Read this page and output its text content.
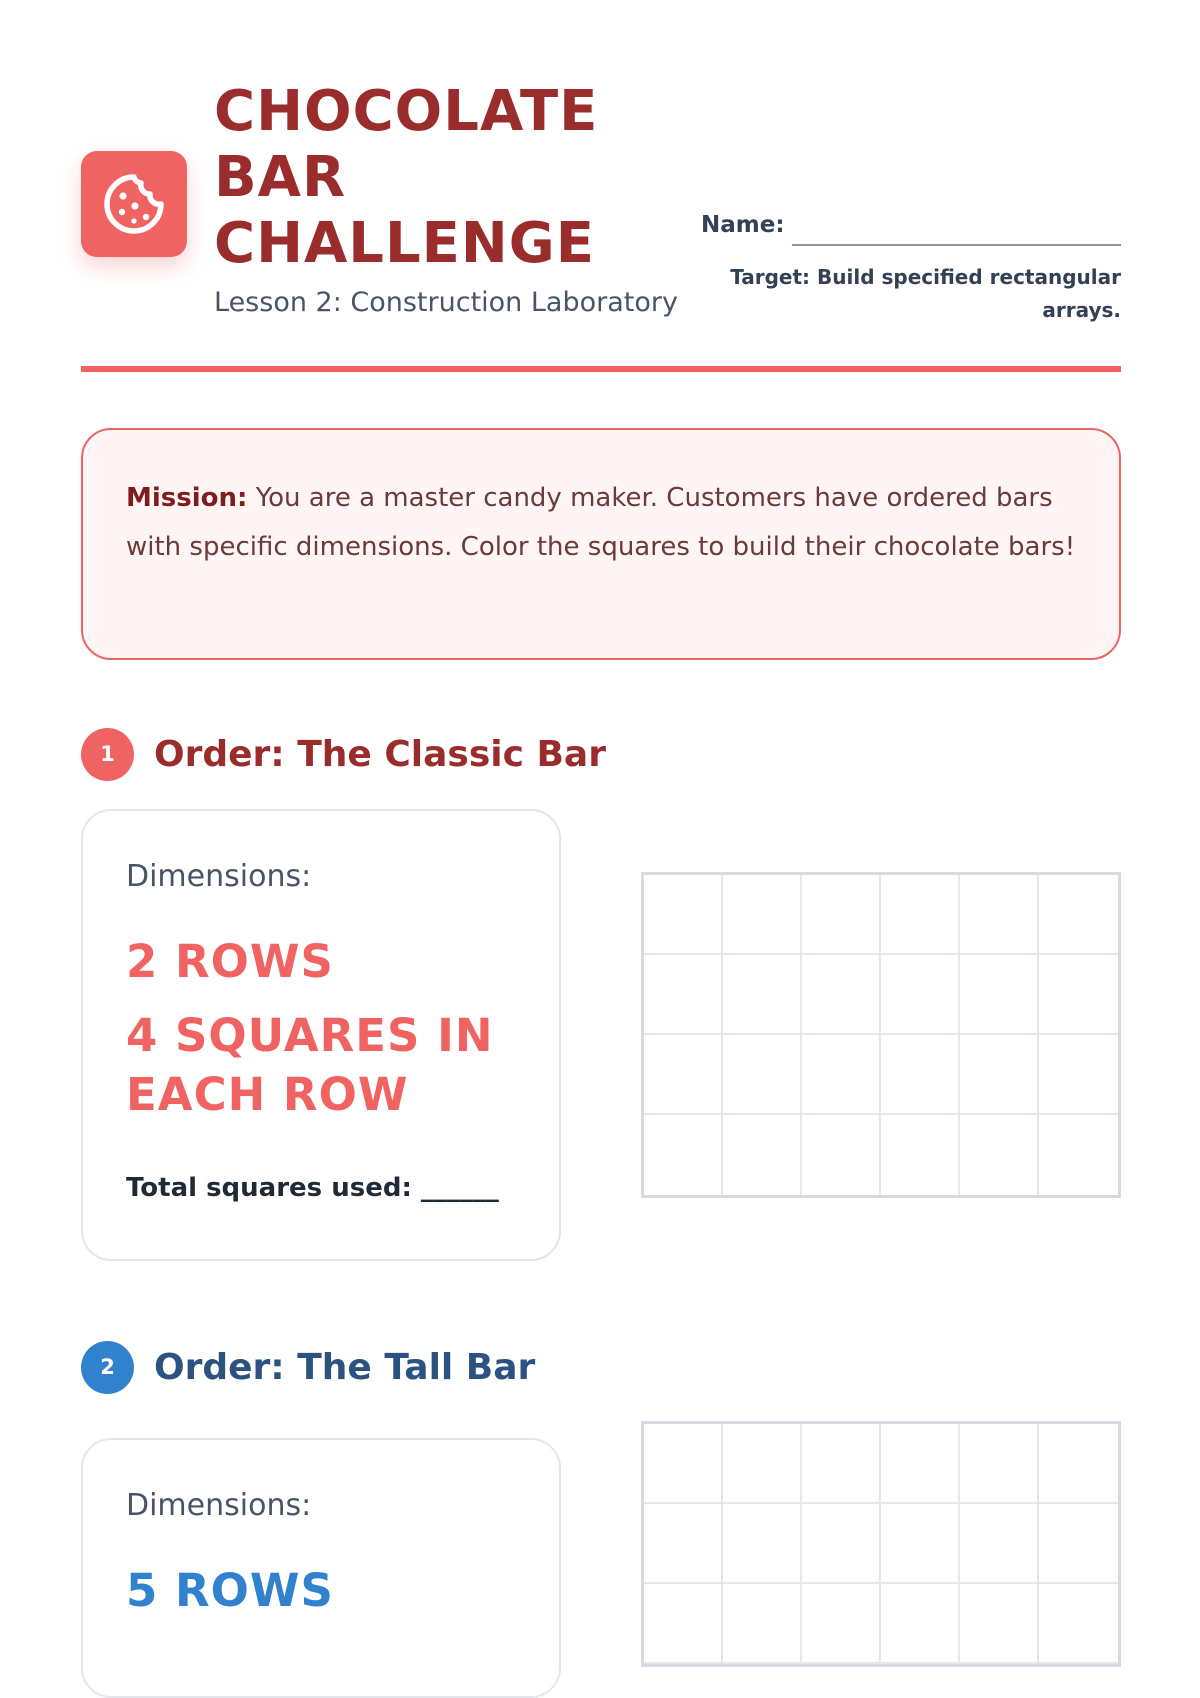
CHOCOLATE
BAR
CHALLENGE
Lesson 2: Construction Laboratory
Name:
Target: Build specified rectangular arrays.
Mission: You are a master candy maker. Customers have ordered bars with specific dimensions. Color the squares to build their chocolate bars!
1	Order: The Classic Bar
Dimensions:
2 ROWS
4 SQUARES IN EACH ROW
Total squares used: ______
2	Order: The Tall Bar
Dimensions:
5 ROWS
